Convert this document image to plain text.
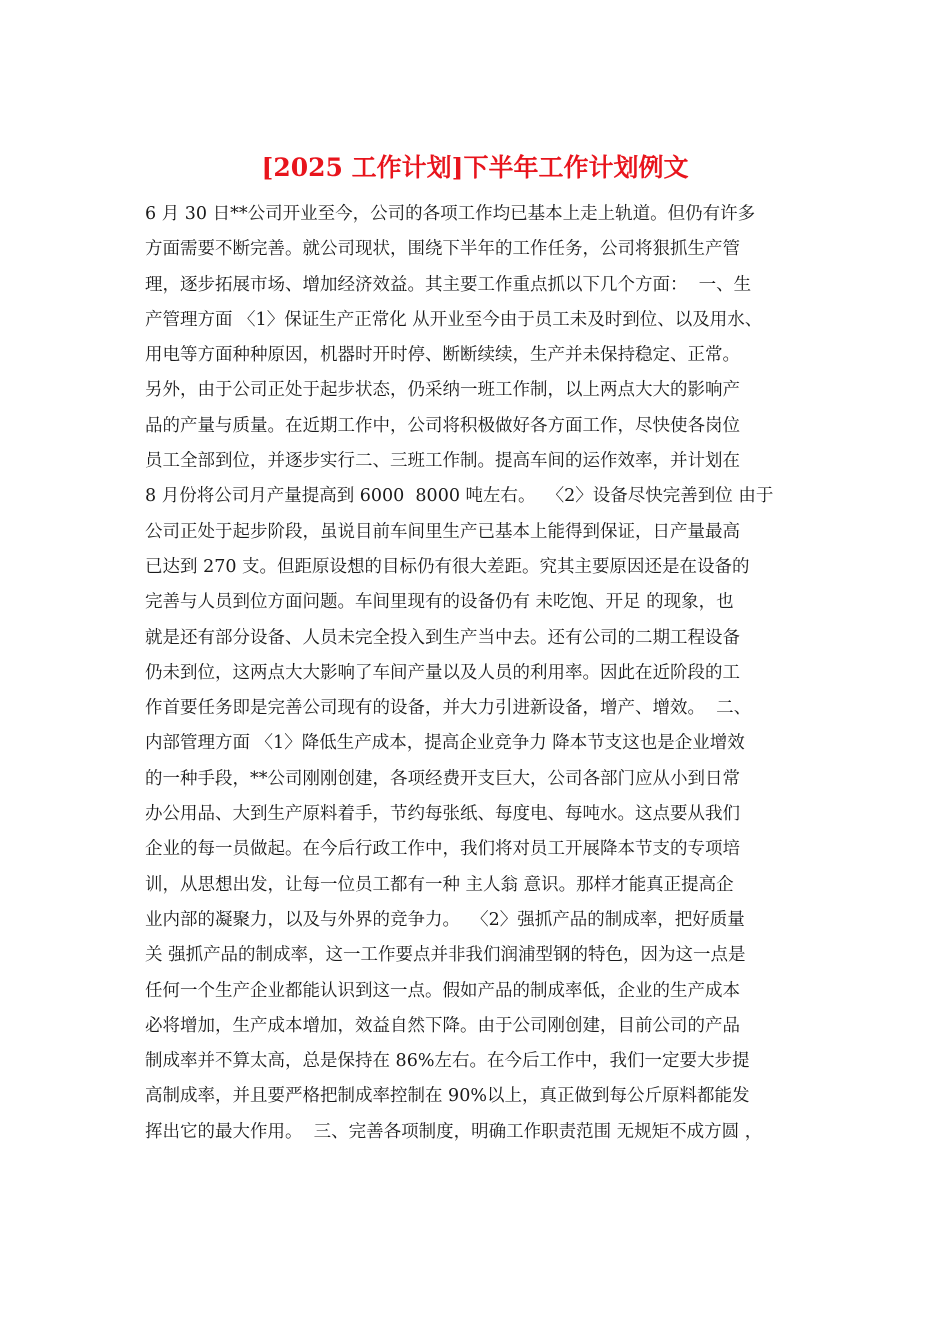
[2025 工作计划]下半年工作计划例文
6 月 30 日**公司开业至今，公司的各项工作均已基本上走上轨道。但仍有许多
方面需要不断完善。就公司现状，围绕下半年的工作任务，公司将狠抓生产管
理，逐步拓展市场、增加经济效益。其主要工作重点抓以下几个方面：  一、生
产管理方面 〈1〉保证生产正常化 从开业至今由于员工未及时到位、以及用水、
用电等方面种种原因，机器时开时停、断断续续，生产并未保持稳定、正常。
另外，由于公司正处于起步状态，仍采纳一班工作制，以上两点大大的影响产
品的产量与质量。在近期工作中，公司将积极做好各方面工作，尽快使各岗位
员工全部到位，并逐步实行二、三班工作制。提高车间的运作效率，并计划在
8 月份将公司月产量提高到 6000  8000 吨左右。  〈2〉设备尽快完善到位 由于
公司正处于起步阶段，虽说目前车间里生产已基本上能得到保证，日产量最高
已达到 270 支。但距原设想的目标仍有很大差距。究其主要原因还是在设备的
完善与人员到位方面问题。车间里现有的设备仍有 未吃饱、开足 的现象，也
就是还有部分设备、人员未完全投入到生产当中去。还有公司的二期工程设备
仍未到位，这两点大大影响了车间产量以及人员的利用率。因此在近阶段的工
作首要任务即是完善公司现有的设备，并大力引进新设备，增产、增效。  二、
内部管理方面 〈1〉降低生产成本，提高企业竞争力 降本节支这也是企业增效
的一种手段，**公司刚刚创建，各项经费开支巨大，公司各部门应从小到日常
办公用品、大到生产原料着手，节约每张纸、每度电、每吨水。这点要从我们
企业的每一员做起。在今后行政工作中，我们将对员工开展降本节支的专项培
训，从思想出发，让每一位员工都有一种 主人翁 意识。那样才能真正提高企
业内部的凝聚力，以及与外界的竞争力。  〈2〉强抓产品的制成率，把好质量
关 强抓产品的制成率，这一工作要点并非我们润浦型钢的特色，因为这一点是
任何一个生产企业都能认识到这一点。假如产品的制成率低，企业的生产成本
必将增加，生产成本增加，效益自然下降。由于公司刚创建，目前公司的产品
制成率并不算太高，总是保持在 86%左右。在今后工作中，我们一定要大步提
高制成率，并且要严格把制成率控制在 90%以上，真正做到每公斤原料都能发
挥出它的最大作用。  三、完善各项制度，明确工作职责范围 无规矩不成方圆 ，
